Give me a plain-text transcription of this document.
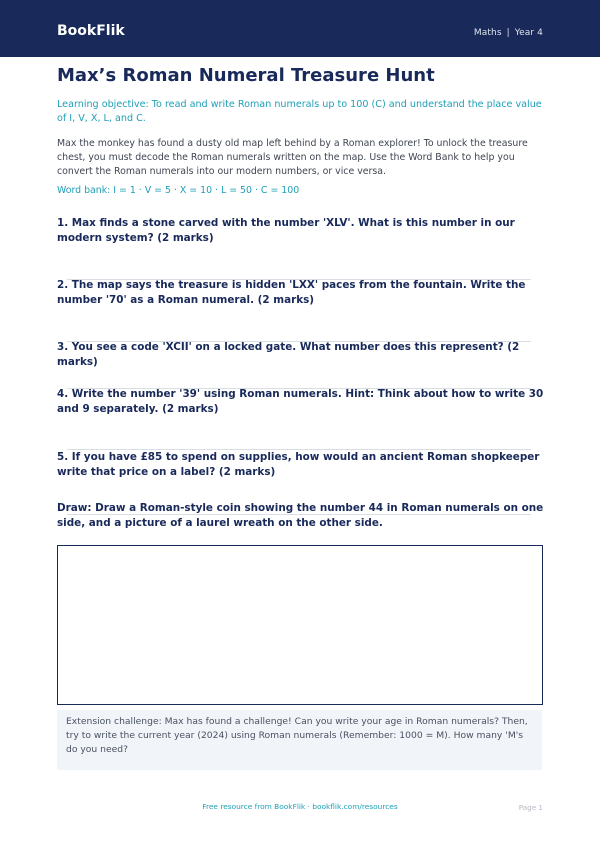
BookFlik	Maths | Year 4
Max’s Roman Numeral Treasure Hunt
Learning objective: To read and write Roman numerals up to 100 (C) and understand the place value of I, V, X, L, and C.
Max the monkey has found a dusty old map left behind by a Roman explorer! To unlock the treasure chest, you must decode the Roman numerals written on the map. Use the Word Bank to help you convert the Roman numerals into our modern numbers, or vice versa.
Word bank: I = 1 · V = 5 · X = 10 · L = 50 · C = 100
1. Max finds a stone carved with the number 'XLV'. What is this number in our modern system? (2 marks)
2. The map says the treasure is hidden 'LXX' paces from the fountain. Write the number '70' as a Roman numeral. (2 marks)
3. You see a code 'XCII' on a locked gate. What number does this represent? (2 marks)
4. Write the number '39' using Roman numerals. Hint: Think about how to write 30 and 9 separately. (2 marks)
5. If you have £85 to spend on supplies, how would an ancient Roman shopkeeper write that price on a label? (2 marks)
Draw: Draw a Roman-style coin showing the number 44 in Roman numerals on one side, and a picture of a laurel wreath on the other side.
Extension challenge: Max has found a challenge! Can you write your age in Roman numerals? Then, try to write the current year (2024) using Roman numerals (Remember: 1000 = M). How many 'M's do you need?
Free resource from BookFlik · bookflik.com/resources	Page 1
